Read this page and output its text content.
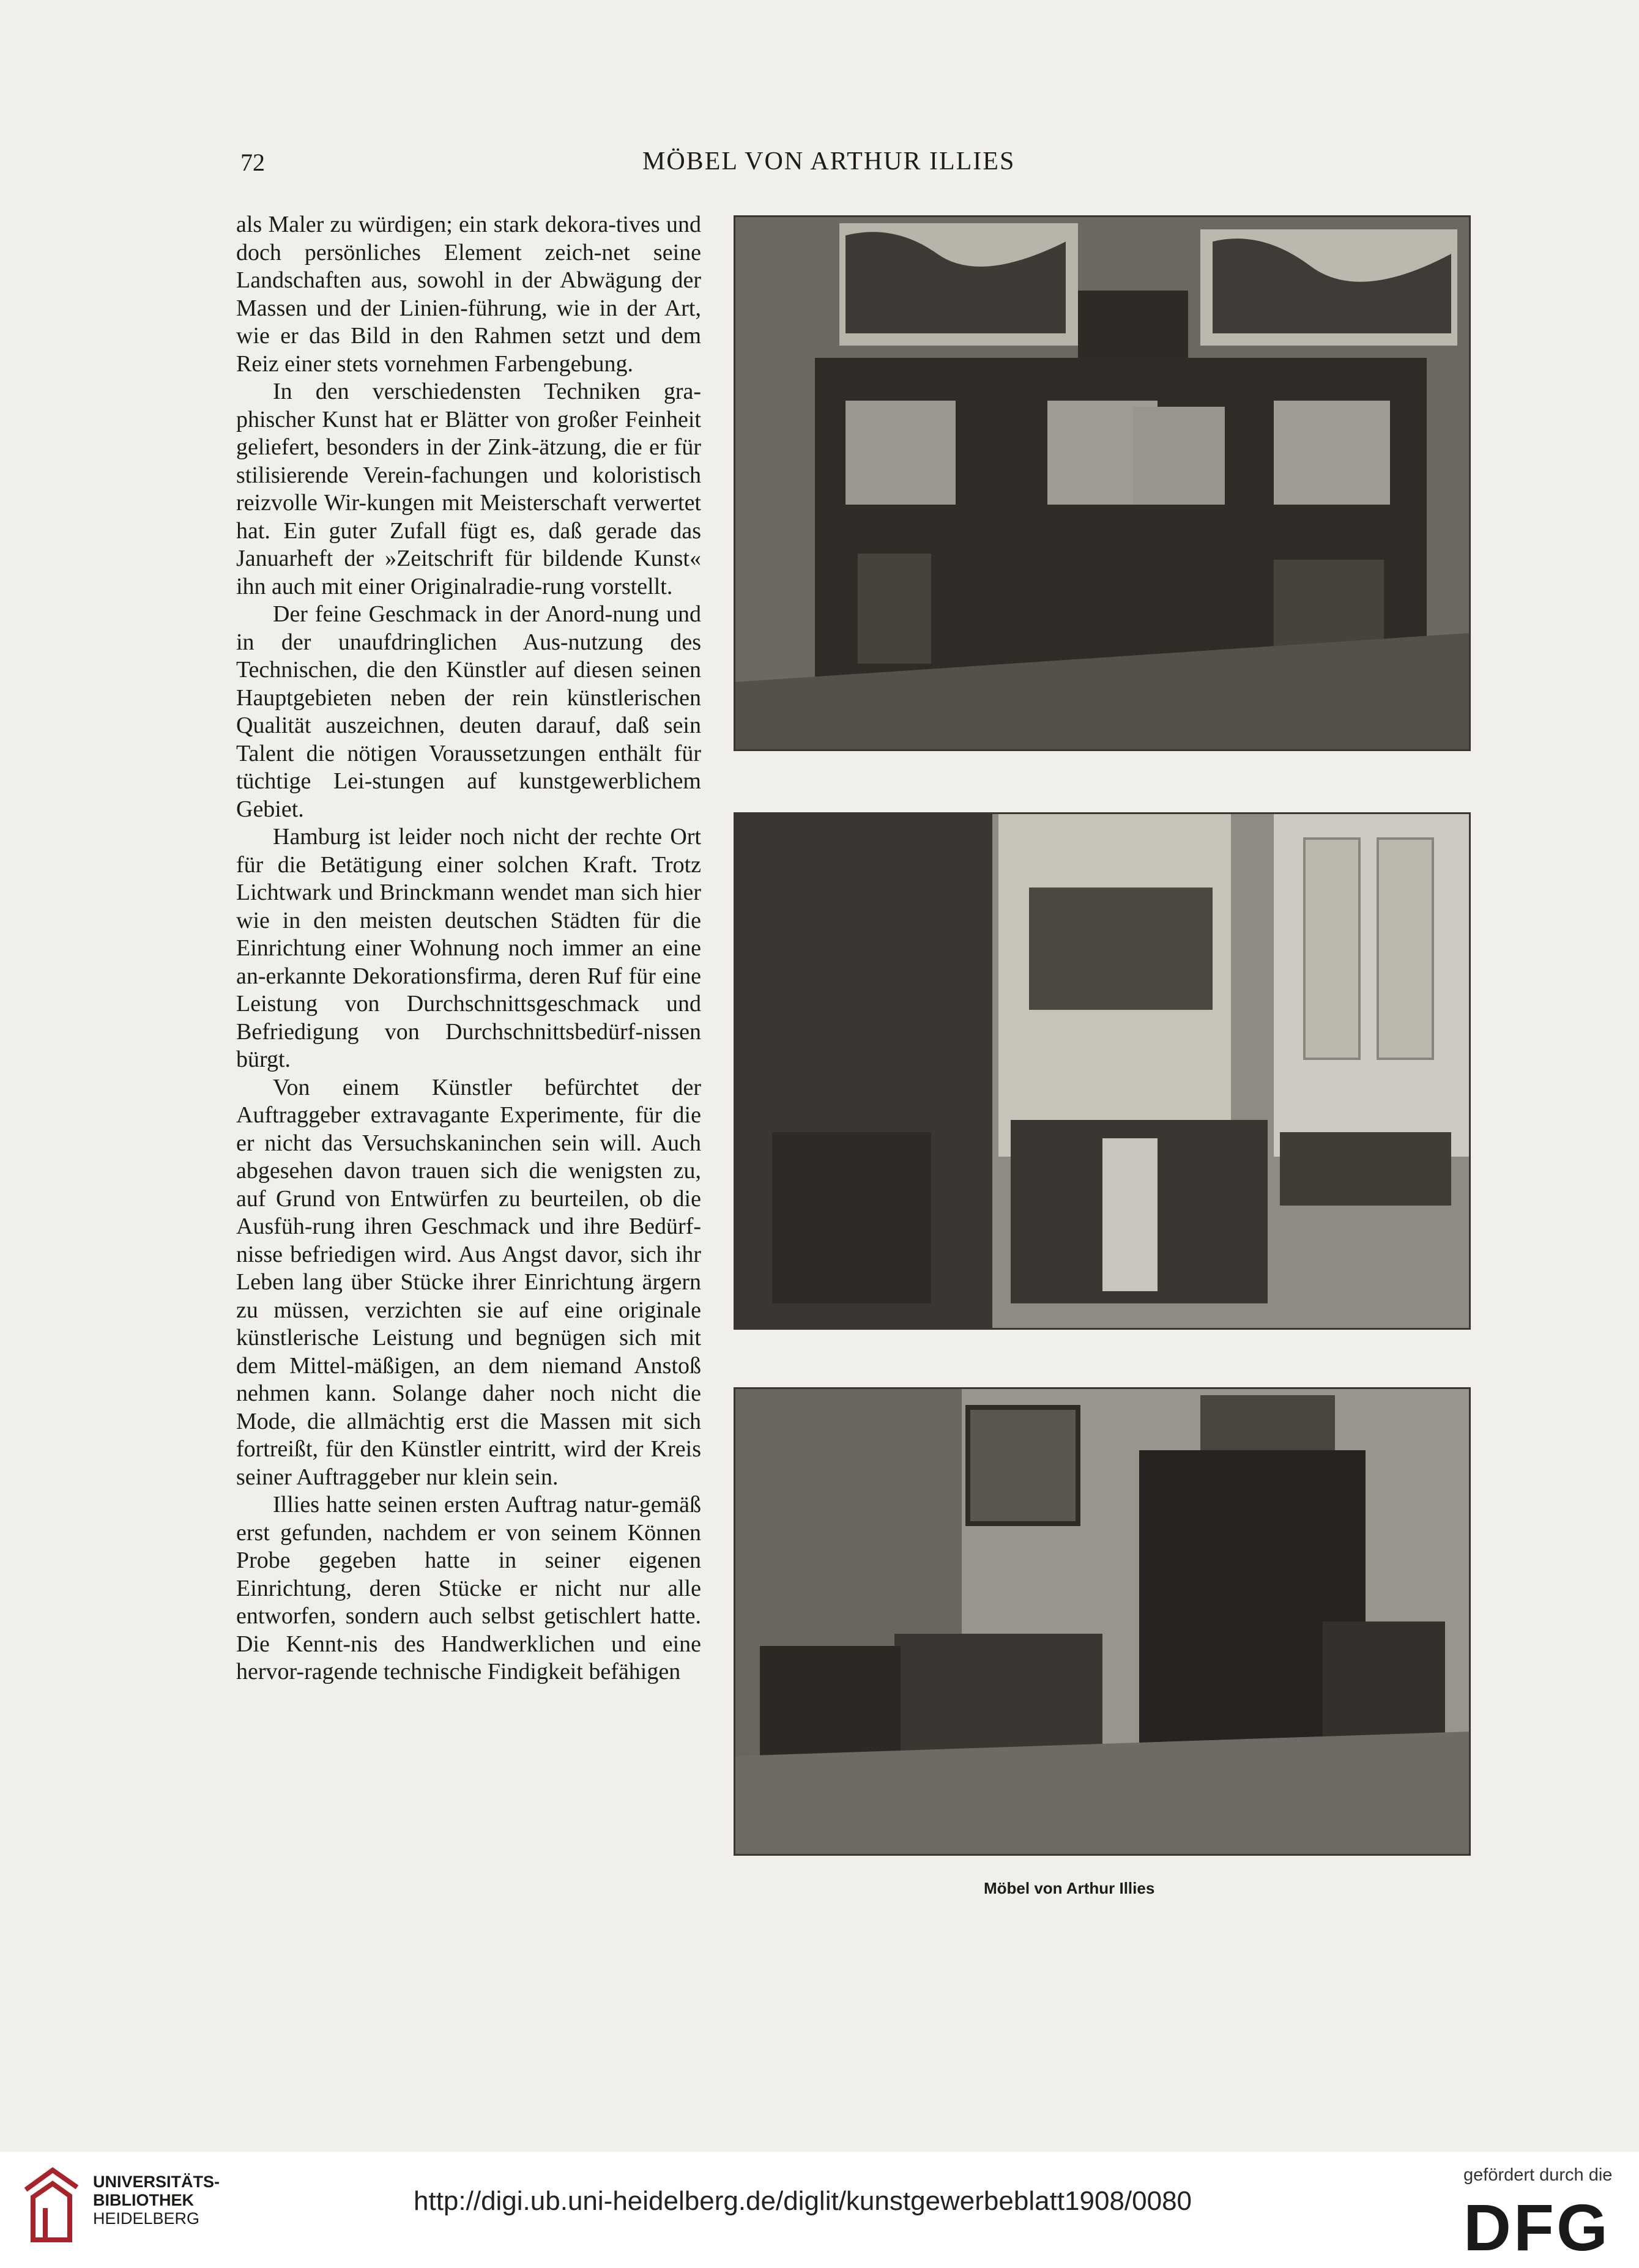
72	MÖBEL VON ARTHUR ILLIES

als Maler zu würdigen; ein stark dekora-tives und doch persönliches Element zeich-net seine Landschaften aus, sowohl in der Abwägung der Massen und der Linien-führung, wie in der Art, wie er das Bild in den Rahmen setzt und dem Reiz einer stets vornehmen Farbengebung.

In den verschiedensten Techniken gra-phischer Kunst hat er Blätter von großer Feinheit geliefert, besonders in der Zink-ätzung, die er für stilisierende Verein-fachungen und koloristisch reizvolle Wir-kungen mit Meisterschaft verwertet hat. Ein guter Zufall fügt es, daß gerade das Januarheft der »Zeitschrift für bildende Kunst« ihn auch mit einer Originalradie-rung vorstellt.

Der feine Geschmack in der Anord-nung und in der unaufdringlichen Aus-nutzung des Technischen, die den Künstler auf diesen seinen Hauptgebieten neben der rein künstlerischen Qualität auszeichnen, deuten darauf, daß sein Talent die nötigen Voraussetzungen enthält für tüchtige Lei-stungen auf kunstgewerblichem Gebiet.

Hamburg ist leider noch nicht der rechte Ort für die Betätigung einer solchen Kraft. Trotz Lichtwark und Brinckmann wendet man sich hier wie in den meisten deutschen Städten für die Einrichtung einer Wohnung noch immer an eine an-erkannte Dekorationsfirma, deren Ruf für eine Leistung von Durchschnittsgeschmack und Befriedigung von Durchschnittsbedürf-nissen bürgt.

Von einem Künstler befürchtet der Auftraggeber extravagante Experimente, für die er nicht das Versuchskaninchen sein will. Auch abgesehen davon trauen sich die wenigsten zu, auf Grund von Entwürfen zu beurteilen, ob die Ausfüh-rung ihren Geschmack und ihre Bedürf-nisse befriedigen wird. Aus Angst davor, sich ihr Leben lang über Stücke ihrer Einrichtung ärgern zu müssen, verzichten sie auf eine originale künstlerische Leistung und begnügen sich mit dem Mittel-mäßigen, an dem niemand Anstoß nehmen kann. Solange daher noch nicht die Mode, die allmächtig erst die Massen mit sich fortreißt, für den Künstler eintritt, wird der Kreis seiner Auftraggeber nur klein sein.

Illies hatte seinen ersten Auftrag natur-gemäß erst gefunden, nachdem er von seinem Können Probe gegeben hatte in seiner eigenen Einrichtung, deren Stücke er nicht nur alle entworfen, sondern auch selbst getischlert hatte. Die Kennt-nis des Handwerklichen und eine hervor-ragende technische Findigkeit befähigen

Möbel von Arthur Illies
UNIVERSITÄTS-
BIBLIOTHEK
HEIDELBERG
http://digi.ub.uni-heidelberg.de/diglit/kunstgewerbeblatt1908/0080
gefördert durch die
DFG
